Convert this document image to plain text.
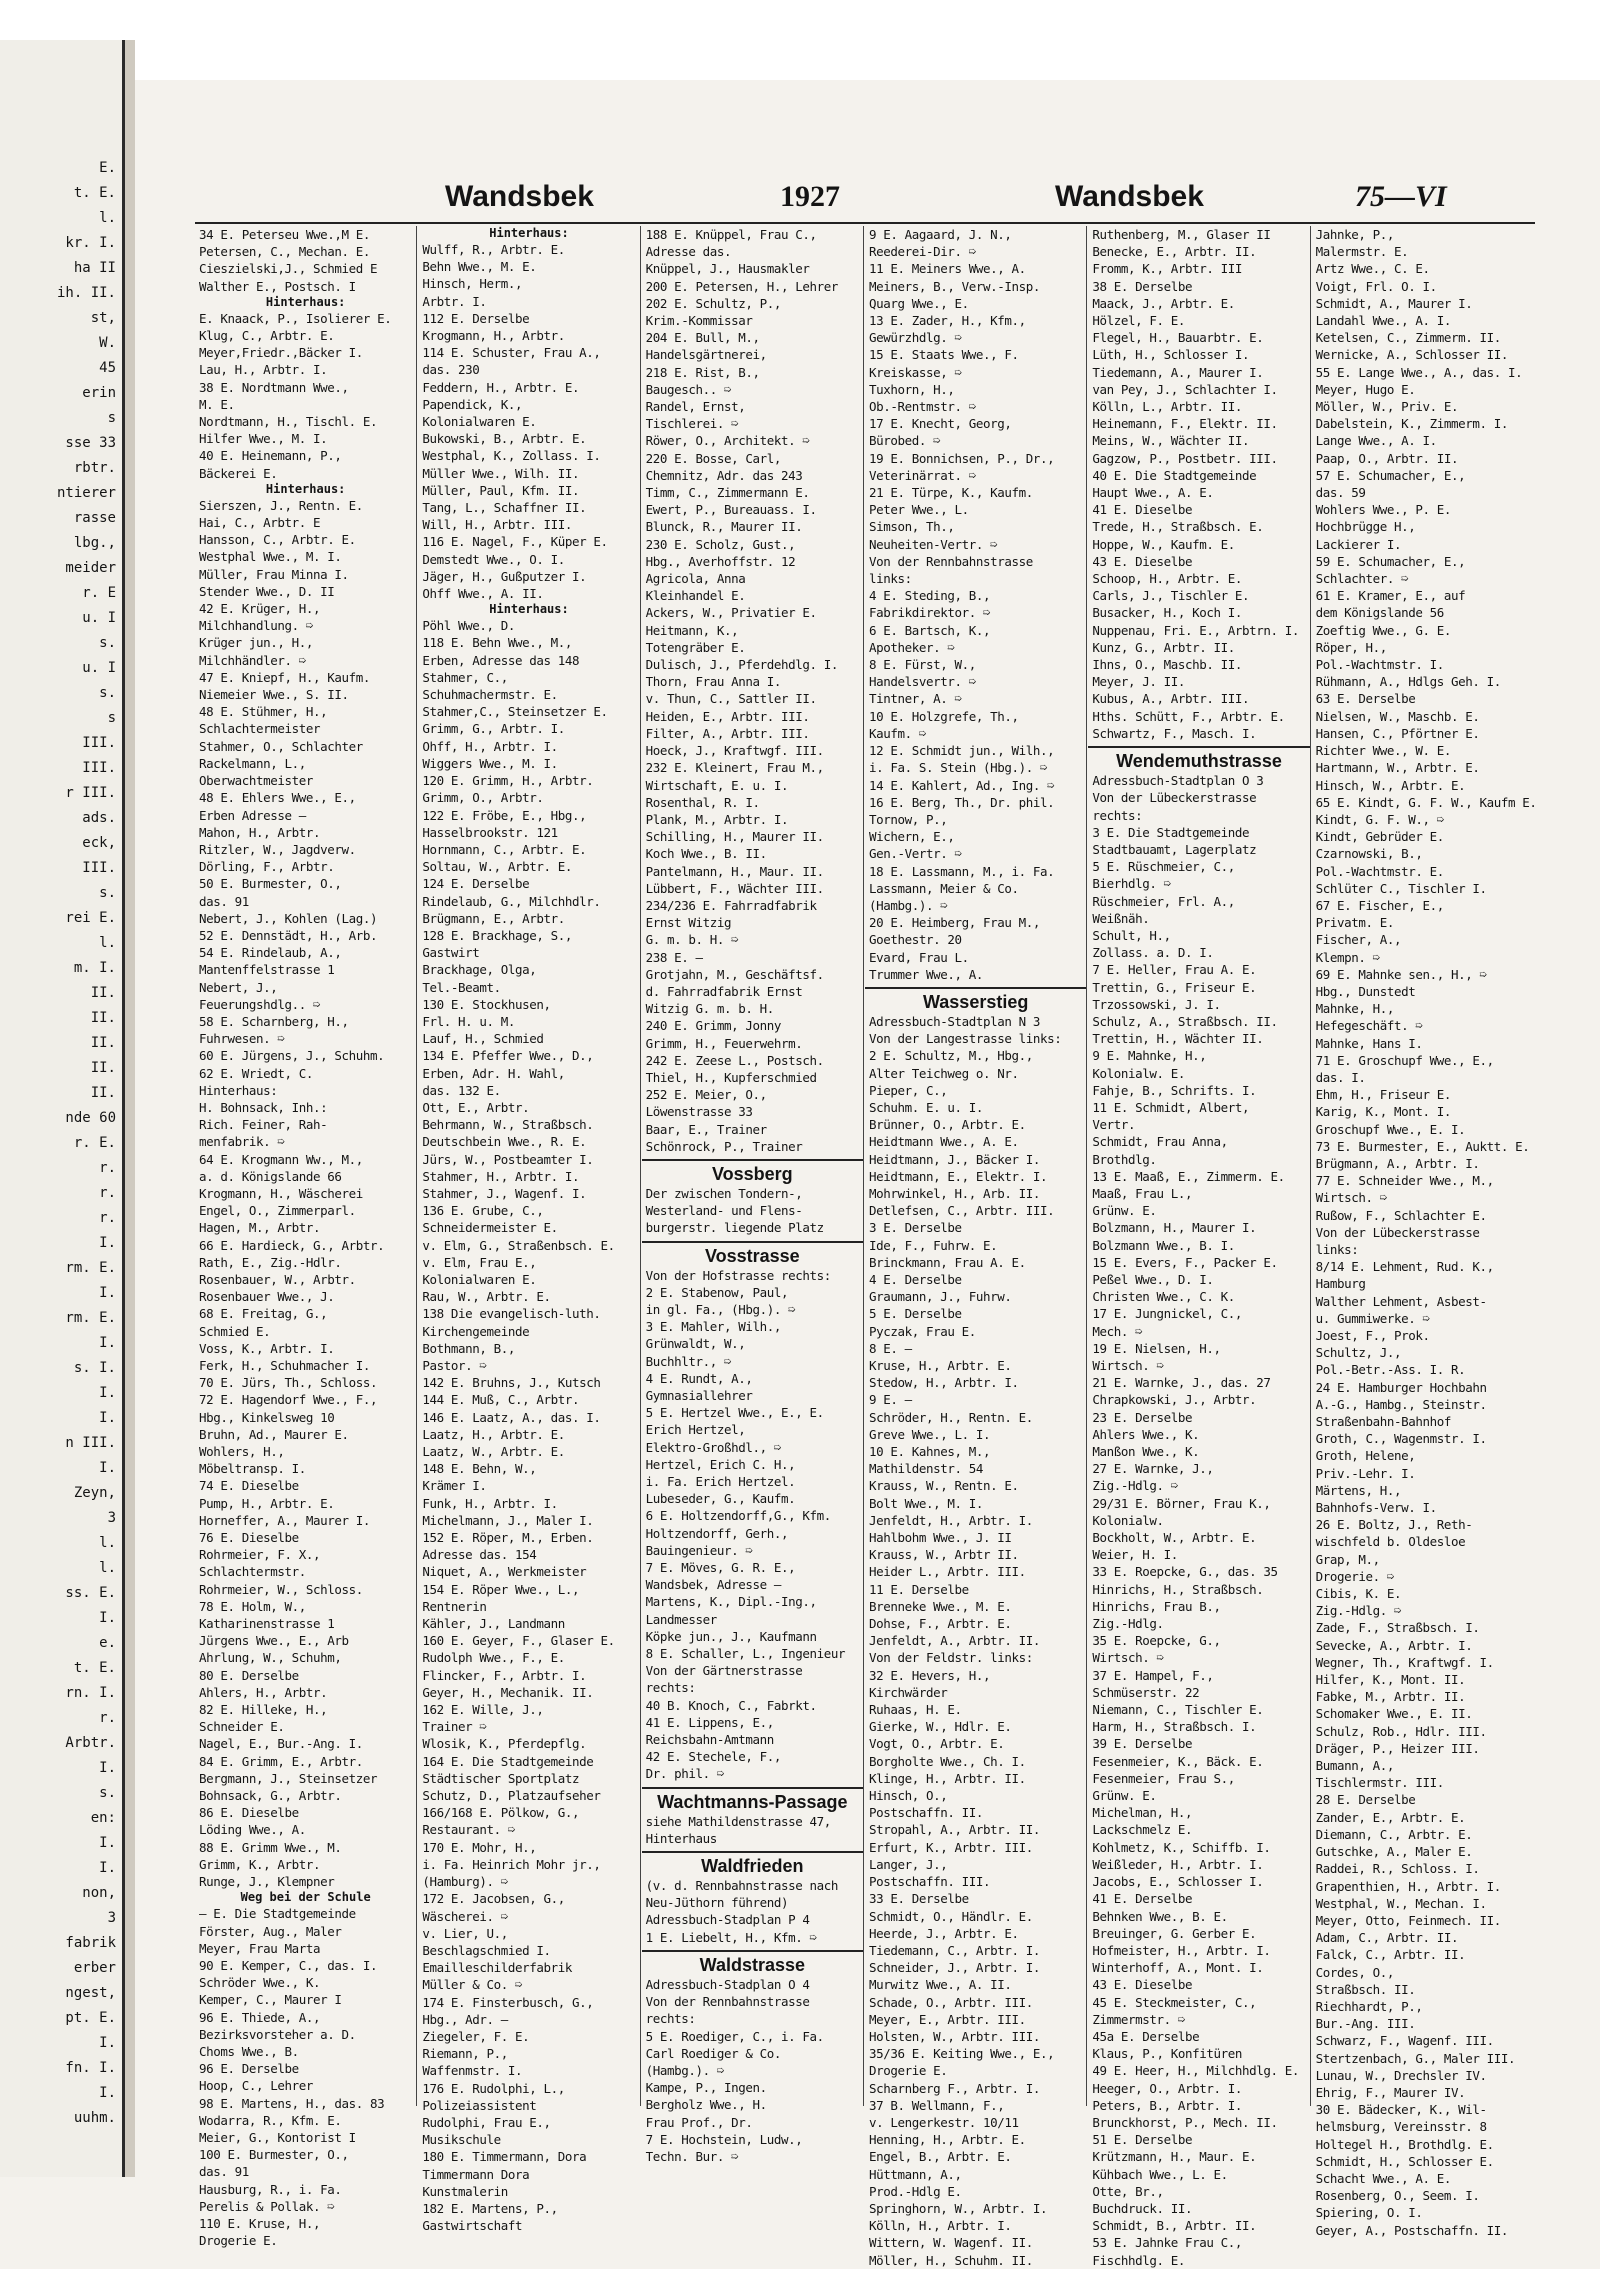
E.
t. E.
l.
kr. I.
ha II
ih. II.
st,
W.
45
erin
s
sse 33
rbtr.
ntierer
rasse
lbg.,
meider
r. E
u. I
s.
u. I
s.
s
III.
III.
r III.
ads.
eck,
III.
s.
rei E.
l.
m. I.
II.
II.
II.
II.
II.
nde 60
r. E.
r.
r.
r.
I.
rm. E.
I.
rm. E.
I.
s. I.
I.
I.
n III.
I.
Zeyn,
3
l.
l.
ss. E.
I.
e.
t. E.
rn. I.
r.
Arbtr.
I.
s.
en:
I.
I.
non,
3
fabrik
erber
ngest,
pt. E.
I.
fn. I.
I.
uuhm.
Wandsbek	1927	Wandsbek	75—VI
34 E. Peterseu Wwe.,M E.
Petersen, C., Mechan. E.
Cieszielski,J., Schmied E
Walther E., Postsch. I
Hinterhaus:
E. Knaack, P., Isolierer E.
Klug, C., Arbtr. E.
Meyer,Friedr.,Bäcker I.
Lau, H., Arbtr. I.
38 E. Nordtmann Wwe.,
M. E.
Nordtmann, H., Tischl. E.
Hilfer Wwe., M. I.
40 E. Heinemann, P.,
Bäckerei E.
Hinterhaus:
Sierszen, J., Rentn. E.
Hai, C., Arbtr. E
Hansson, C., Arbtr. E.
Westphal Wwe., M. I.
Müller, Frau Minna I.
Stender Wwe., D. II
42 E. Krüger, H.,
Milchhandlung. ➯
Krüger jun., H.,
Milchhändler. ➯
47 E. Kniepf, H., Kaufm.
Niemeier Wwe., S. II.
48 E. Stühmer, H.,
Schlachtermeister
Stahmer, O., Schlachter
Rackelmann, L.,
Oberwachtmeister
48 E. Ehlers Wwe., E.,
Erben Adresse —
Mahon, H., Arbtr.
Ritzler, W., Jagdverw.
Dörling, F., Arbtr.
50 E. Burmester, O.,
das. 91
Nebert, J., Kohlen (Lag.)
52 E. Dennstädt, H., Arb.
54 E. Rindelaub, A.,
Mantenffelstrasse 1
Nebert, J.,
Feuerungshdlg.. ➯
58 E. Scharnberg, H.,
Fuhrwesen. ➯
60 E. Jürgens, J., Schuhm.
62 E. Wriedt, C.
Hinterhaus:
H. Bohnsack, Inh.:
Rich. Feiner, Rah-
menfabrik. ➯
64 E. Krogmann Ww., M.,
a. d. Königslande 66
Krogmann, H., Wäscherei
Engel, O., Zimmerparl.
Hagen, M., Arbtr.
66 E. Hardieck, G., Arbtr.
Rath, E., Zig.-Hdlr.
Rosenbauer, W., Arbtr.
Rosenbauer Wwe., J.
68 E. Freitag, G.,
Schmied E.
Voss, K., Arbtr. I.
Ferk, H., Schuhmacher I.
70 E. Jürs, Th., Schloss.
72 E. Hagendorf Wwe., F.,
Hbg., Kinkelsweg 10
Bruhn, Ad., Maurer E.
Wohlers, H.,
Möbeltransp. I.
74 E. Dieselbe
Pump, H., Arbtr. E.
Horneffer, A., Maurer I.
76 E. Dieselbe
Rohrmeier, F. X.,
Schlachtermstr.
Rohrmeier, W., Schloss.
78 E. Holm, W.,
Katharinenstrasse 1
Jürgens Wwe., E., Arb
Ahrlung, W., Schuhm,
80 E. Derselbe
Ahlers, H., Arbtr.
82 E. Hilleke, H.,
Schneider E.
Nagel, E., Bur.-Ang. I.
84 E. Grimm, E., Arbtr.
Bergmann, J., Steinsetzer
Bohnsack, G., Arbtr.
86 E. Dieselbe
Löding Wwe., A.
88 E. Grimm Wwe., M.
Grimm, K., Arbtr.
Runge, J., Klempner
Weg bei der Schule
— E. Die Stadtgemeinde
Förster, Aug., Maler
Meyer, Frau Marta
90 E. Kemper, C., das. I.
Schröder Wwe., K.
Kemper, C., Maurer I
96 E. Thiede, A.,
Bezirksvorsteher a. D.
Choms Wwe., B.
96 E. Derselbe
Hoop, C., Lehrer
98 E. Martens, H., das. 83
Wodarra, R., Kfm. E.
Meier, G., Kontorist I
100 E. Burmester, O.,
das. 91
Hausburg, R., i. Fa.
Perelis & Pollak. ➯
110 E. Kruse, H.,
Drogerie E.
Hinterhaus:
Wulff, R., Arbtr. E.
Behn Wwe., M. E.
Hinsch, Herm.,
Arbtr. I.
112 E. Derselbe
Krogmann, H., Arbtr.
114 E. Schuster, Frau A.,
das. 230
Feddern, H., Arbtr. E.
Papendick, K.,
Kolonialwaren E.
Bukowski, B., Arbtr. E.
Westphal, K., Zollass. I.
Müller Wwe., Wilh. II.
Müller, Paul, Kfm. II.
Tang, L., Schaffner II.
Will, H., Arbtr. III.
116 E. Nagel, F., Küper E.
Demstedt Wwe., O. I.
Jäger, H., Gußputzer I.
Ohff Wwe., A. II.
Hinterhaus:
Pöhl Wwe., D.
118 E. Behn Wwe., M.,
Erben, Adresse das 148
Stahmer, C.,
Schuhmachermstr. E.
Stahmer,C., Steinsetzer E.
Grimm, G., Arbtr. I.
Ohff, H., Arbtr. I.
Wiggers Wwe., M. I.
120 E. Grimm, H., Arbtr.
Grimm, O., Arbtr.
122 E. Fröbe, E., Hbg.,
Hasselbrookstr. 121
Hornmann, C., Arbtr. E.
Soltau, W., Arbtr. E.
124 E. Derselbe
Rindelaub, G., Milchhdlr.
Brügmann, E., Arbtr.
128 E. Brackhage, S.,
Gastwirt
Brackhage, Olga,
Tel.-Beamt.
130 E. Stockhusen,
Frl. H. u. M.
Lauf, H., Schmied
134 E. Pfeffer Wwe., D.,
Erben, Adr. H. Wahl,
das. 132 E.
Ott, E., Arbtr.
Behrmann, W., Straßbsch.
Deutschbein Wwe., R. E.
Jürs, W., Postbeamter I.
Stahmer, H., Arbtr. I.
Stahmer, J., Wagenf. I.
136 E. Grube, C.,
Schneidermeister E.
v. Elm, G., Straßenbsch. E.
v. Elm, Frau E.,
Kolonialwaren E.
Rau, W., Arbtr. E.
138 Die evangelisch-luth.
Kirchengemeinde
Bothmann, B.,
Pastor. ➯
142 E. Bruhns, J., Kutsch
144 E. Muß, C., Arbtr.
146 E. Laatz, A., das. I.
Laatz, H., Arbtr. E.
Laatz, W., Arbtr. E.
148 E. Behn, W.,
Krämer I.
Funk, H., Arbtr. I.
Michelmann, J., Maler I.
152 E. Röper, M., Erben.
Adresse das. 154
Niquet, A., Werkmeister
154 E. Röper Wwe., L.,
Rentnerin
Kähler, J., Landmann
160 E. Geyer, F., Glaser E.
Rudolph Wwe., F., E.
Flincker, F., Arbtr. I.
Geyer, H., Mechanik. II.
162 E. Wille, J.,
Trainer ➯
Wlosik, K., Pferdepflg.
164 E. Die Stadtgemeinde
Städtischer Sportplatz
Schutz, D., Platzaufseher
166/168 E. Pölkow, G.,
Restaurant. ➯
170 E. Mohr, H.,
i. Fa. Heinrich Mohr jr.,
(Hamburg). ➯
172 E. Jacobsen, G.,
Wäscherei. ➯
v. Lier, U.,
Beschlagschmied I.
Emailleschilderfabrik
Müller & Co. ➯
174 E. Finsterbusch, G.,
Hbg., Adr. —
Ziegeler, F. E.
Riemann, P.,
Waffenmstr. I.
176 E. Rudolphi, L.,
Polizeiassistent
Rudolphi, Frau E.,
Musikschule
180 E. Timmermann, Dora
Timmermann Dora
Kunstmalerin
182 E. Martens, P.,
Gastwirtschaft
188 E. Knüppel, Frau C.,
Adresse das.
Knüppel, J., Hausmakler
200 E. Petersen, H., Lehrer
202 E. Schultz, P.,
Krim.-Kommissar
204 E. Bull, M.,
Handelsgärtnerei,
218 E. Rist, B.,
Baugesch.. ➯
Randel, Ernst,
Tischlerei. ➯
Röwer, O., Architekt. ➯
220 E. Bosse, Carl,
Chemnitz, Adr. das 243
Timm, C., Zimmermann E.
Ewert, P., Bureauass. I.
Blunck, R., Maurer II.
230 E. Scholz, Gust.,
Hbg., Averhoffstr. 12
Agricola, Anna
Kleinhandel E.
Ackers, W., Privatier E.
Heitmann, K.,
Totengräber E.
Dulisch, J., Pferdehdlg. I.
Thorn, Frau Anna I.
v. Thun, C., Sattler II.
Heiden, E., Arbtr. III.
Filter, A., Arbtr. III.
Hoeck, J., Kraftwgf. III.
232 E. Kleinert, Frau M.,
Wirtschaft, E. u. I.
Rosenthal, R. I.
Plank, M., Arbtr. I.
Schilling, H., Maurer II.
Koch Wwe., B. II.
Pantelmann, H., Maur. II.
Lübbert, F., Wächter III.
234/236 E. Fahrradfabrik
Ernst Witzig
G. m. b. H. ➯
238 E. —
Grotjahn, M., Geschäftsf.
d. Fahrradfabrik Ernst
Witzig G. m. b. H.
240 E. Grimm, Jonny
Grimm, H., Feuerwehrm.
242 E. Zeese L., Postsch.
Thiel, H., Kupferschmied
252 E. Meier, O.,
Löwenstrasse 33
Baar, E., Trainer
Schönrock, P., Trainer
Vossberg
Der zwischen Tondern-,
Westerland- und Flens-
burgerstr. liegende Platz
Vosstrasse
Von der Hofstrasse rechts:
2 E. Stabenow, Paul,
in gl. Fa., (Hbg.). ➯
3 E. Mahler, Wilh.,
Grünwaldt, W.,
Buchhltr., ➯
4 E. Rundt, A.,
Gymnasiallehrer
5 E. Hertzel Wwe., E., E.
Erich Hertzel,
Elektro-Großhdl., ➯
Hertzel, Erich C. H.,
i. Fa. Erich Hertzel.
Lubeseder, G., Kaufm.
6 E. Holtzendorff,G., Kfm.
Holtzendorff, Gerh.,
Bauingenieur. ➯
7 E. Möves, G. R. E.,
Wandsbek, Adresse —
Martens, K., Dipl.-Ing.,
Landmesser
Köpke jun., J., Kaufmann
8 E. Schaller, L., Ingenieur
Von der Gärtnerstrasse
rechts:
40 B. Knoch, C., Fabrkt.
41 E. Lippens, E.,
Reichsbahn-Amtmann
42 E. Stechele, F.,
Dr. phil. ➯
Wachtmanns-Passage
siehe Mathildenstrasse 47,
Hinterhaus
Waldfrieden
(v. d. Rennbahnstrasse nach
Neu-Jüthorn führend)
Adressbuch-Stadplan P 4
1 E. Liebelt, H., Kfm. ➯
Waldstrasse
Adressbuch-Stadplan O 4
Von der Rennbahnstrasse
rechts:
5 E. Roediger, C., i. Fa.
Carl Roediger & Co.
(Hambg.). ➯
Kampe, P., Ingen.
Bergholz Wwe., H.
Frau Prof., Dr.
7 E. Hochstein, Ludw.,
Techn. Bur. ➯
9 E. Aagaard, J. N.,
Reederei-Dir. ➯
11 E. Meiners Wwe., A.
Meiners, B., Verw.-Insp.
Quarg Wwe., E.
13 E. Zader, H., Kfm.,
Gewürzhdlg. ➯
15 E. Staats Wwe., F.
Kreiskasse, ➯
Tuxhorn, H.,
Ob.-Rentmstr. ➯
17 E. Knecht, Georg,
Bürobed. ➯
19 E. Bonnichsen, P., Dr.,
Veterinärrat. ➯
21 E. Türpe, K., Kaufm.
Peter Wwe., L.
Simson, Th.,
Neuheiten-Vertr. ➯
Von der Rennbahnstrasse
links:
4 E. Steding, B.,
Fabrikdirektor. ➯
6 E. Bartsch, K.,
Apotheker. ➯
8 E. Fürst, W.,
Handelsvertr. ➯
Tintner, A. ➯
10 E. Holzgrefe, Th.,
Kaufm. ➯
12 E. Schmidt jun., Wilh.,
i. Fa. S. Stein (Hbg.). ➯
14 E. Kahlert, Ad., Ing. ➯
16 E. Berg, Th., Dr. phil.
Tornow, P.,
Wichern, E.,
Gen.-Vertr. ➯
18 E. Lassmann, M., i. Fa.
Lassmann, Meier & Co.
(Hambg.). ➯
20 E. Heimberg, Frau M.,
Goethestr. 20
Evard, Frau L.
Trummer Wwe., A.
Wasserstieg
Adressbuch-Stadtplan N 3
Von der Langestrasse links:
2 E. Schultz, M., Hbg.,
Alter Teichweg o. Nr.
Pieper, C.,
Schuhm. E. u. I.
Brünner, O., Arbtr. E.
Heidtmann Wwe., A. E.
Heidtmann, J., Bäcker I.
Heidtmann, E., Elektr. I.
Mohrwinkel, H., Arb. II.
Detlefsen, C., Arbtr. III.
3 E. Derselbe
Ide, F., Fuhrw. E.
Brinckmann, Frau A. E.
4 E. Derselbe
Graumann, J., Fuhrw.
5 E. Derselbe
Pyczak, Frau E.
8 E. —
Kruse, H., Arbtr. E.
Stedow, H., Arbtr. I.
9 E. —
Schröder, H., Rentn. E.
Greve Wwe., L. I.
10 E. Kahnes, M.,
Mathildenstr. 54
Krauss, W., Rentn. E.
Bolt Wwe., M. I.
Jenfeldt, H., Arbtr. I.
Hahlbohm Wwe., J. II
Krauss, W., Arbtr II.
Heider L., Arbtr. III.
11 E. Derselbe
Brenneke Wwe., M. E.
Dohse, F., Arbtr. E.
Jenfeldt, A., Arbtr. II.
Von der Feldstr. links:
32 E. Hevers, H.,
Kirchwärder
Ruhaas, H. E.
Gierke, W., Hdlr. E.
Vogt, O., Arbtr. E.
Borgholte Wwe., Ch. I.
Klinge, H., Arbtr. II.
Hinsch, O.,
Postschaffn. II.
Stropahl, A., Arbtr. II.
Erfurt, K., Arbtr. III.
Langer, J.,
Postschaffn. III.
33 E. Derselbe
Schmidt, O., Händlr. E.
Heerde, J., Arbtr. E.
Tiedemann, C., Arbtr. I.
Schneider, J., Arbtr. I.
Murwitz Wwe., A. II.
Schade, O., Arbtr. III.
Meyer, E., Arbtr. III.
Holsten, W., Arbtr. III.
35/36 E. Keiting Wwe., E.,
Drogerie E.
Scharnberg F., Arbtr. I.
37 B. Wellmann, F.,
v. Lengerkestr. 10/11
Henning, H., Arbtr. E.
Engel, B., Arbtr. E.
Hüttmann, A.,
Prod.-Hdlg E.
Springhorn, W., Arbtr. I.
Kölln, H., Arbtr. I.
Wittern, W. Wagenf. II.
Möller, H., Schuhm. II.
Ruthenberg, M., Glaser II
Benecke, E., Arbtr. II.
Fromm, K., Arbtr. III
38 E. Derselbe
Maack, J., Arbtr. E.
Hölzel, F. E.
Flegel, H., Bauarbtr. E.
Lüth, H., Schlosser I.
Tiedemann, A., Maurer I.
van Pey, J., Schlachter I.
Kölln, L., Arbtr. II.
Heinemann, F., Elektr. II.
Meins, W., Wächter II.
Gagzow, P., Postbetr. III.
40 E. Die Stadtgemeinde
Haupt Wwe., A. E.
41 E. Dieselbe
Trede, H., Straßbsch. E.
Hoppe, W., Kaufm. E.
43 E. Dieselbe
Schoop, H., Arbtr. E.
Carls, J., Tischler E.
Busacker, H., Koch I.
Nuppenau, Fri. E., Arbtrn. I.
Kunz, G., Arbtr. II.
Ihns, O., Maschb. II.
Meyer, J. II.
Kubus, A., Arbtr. III.
Hths. Schütt, F., Arbtr. E.
Schwartz, F., Masch. I.
Wendemuthstrasse
Adressbuch-Stadtplan O 3
Von der Lübeckerstrasse
rechts:
3 E. Die Stadtgemeinde
Stadtbauamt, Lagerplatz
5 E. Rüschmeier, C.,
Bierhdlg. ➯
Rüschmeier, Frl. A.,
Weißnäh.
Schult, H.,
Zollass. a. D. I.
7 E. Heller, Frau A. E.
Trettin, G., Friseur E.
Trzossowski, J. I.
Schulz, A., Straßbsch. II.
Trettin, H., Wächter II.
9 E. Mahnke, H.,
Kolonialw. E.
Fahje, B., Schrifts. I.
11 E. Schmidt, Albert,
Vertr.
Schmidt, Frau Anna,
Brothdlg.
13 E. Maaß, E., Zimmerm. E.
Maaß, Frau L.,
Grünw. E.
Bolzmann, H., Maurer I.
Bolzmann Wwe., B. I.
15 E. Evers, F., Packer E.
Peßel Wwe., D. I.
Christen Wwe., C. K.
17 E. Jungnickel, C.,
Mech. ➯
19 E. Nielsen, H.,
Wirtsch. ➯
21 E. Warnke, J., das. 27
Chrapkowski, J., Arbtr.
23 E. Derselbe
Ahlers Wwe., K.
Manßon Wwe., K.
27 E. Warnke, J.,
Zig.-Hdlg. ➯
29/31 E. Börner, Frau K.,
Kolonialw.
Bockholt, W., Arbtr. E.
Weier, H. I.
33 E. Roepcke, G., das. 35
Hinrichs, H., Straßbsch.
Hinrichs, Frau B.,
Zig.-Hdlg.
35 E. Roepcke, G.,
Wirtsch. ➯
37 E. Hampel, F.,
Schmüserstr. 22
Niemann, C., Tischler E.
Harm, H., Straßbsch. I.
39 E. Derselbe
Fesenmeier, K., Bäck. E.
Fesenmeier, Frau S.,
Grünw. E.
Michelman, H.,
Lackschmelz E.
Kohlmetz, K., Schiffb. I.
Weißleder, H., Arbtr. I.
Jacobs, E., Schlosser I.
41 E. Derselbe
Behnken Wwe., B. E.
Breuinger, G. Gerber E.
Hofmeister, H., Arbtr. I.
Winterhoff, A., Mont. I.
43 E. Dieselbe
45 E. Steckmeister, C.,
Zimmermstr. ➯
45a E. Derselbe
Klaus, P., Konfitüren
49 E. Heer, H., Milchhdlg. E.
Heeger, O., Arbtr. I.
Peters, B., Arbtr. I.
Brunckhorst, P., Mech. II.
51 E. Derselbe
Krützmann, H., Maur. E.
Kühbach Wwe., L. E.
Otte, Br.,
Buchdruck. II.
Schmidt, B., Arbtr. II.
53 E. Jahnke Frau C.,
Fischhdlg. E.
Jahnke, P.,
Malermstr. E.
Artz Wwe., C. E.
Voigt, Frl. O. I.
Schmidt, A., Maurer I.
Landahl Wwe., A. I.
Ketelsen, C., Zimmerm. II.
Wernicke, A., Schlosser II.
55 E. Lange Wwe., A., das. I.
Meyer, Hugo E.
Möller, W., Priv. E.
Dabelstein, K., Zimmerm. I.
Lange Wwe., A. I.
Paap, O., Arbtr. II.
57 E. Schumacher, E.,
das. 59
Wohlers Wwe., P. E.
Hochbrügge H.,
Lackierer I.
59 E. Schumacher, E.,
Schlachter. ➯
61 E. Kramer, E., auf
dem Königslande 56
Zoeftig Wwe., G. E.
Röper, H.,
Pol.-Wachtmstr. I.
Rühmann, A., Hdlgs Geh. I.
63 E. Derselbe
Nielsen, W., Maschb. E.
Hansen, C., Pförtner E.
Richter Wwe., W. E.
Hartmann, W., Arbtr. E.
Hinsch, W., Arbtr. E.
65 E. Kindt, G. F. W., Kaufm E.
Kindt, G. F. W., ➯
Kindt, Gebrüder E.
Czarnowski, B.,
Pol.-Wachtmstr. E.
Schlüter C., Tischler I.
67 E. Fischer, E.,
Privatm. E.
Fischer, A.,
Klempn. ➯
69 E. Mahnke sen., H., ➯
Hbg., Dunstedt
Mahnke, H.,
Hefegeschäft. ➯
Mahnke, Hans I.
71 E. Groschupf Wwe., E.,
das. I.
Ehm, H., Friseur E.
Karig, K., Mont. I.
Groschupf Wwe., E. I.
73 E. Burmester, E., Auktt. E.
Brügmann, A., Arbtr. I.
77 E. Schneider Wwe., M.,
Wirtsch. ➯
Rußow, F., Schlachter E.
Von der Lübeckerstrasse
links:
8/14 E. Lehment, Rud. K.,
Hamburg
Walther Lehment, Asbest-
u. Gummiwerke. ➯
Joest, F., Prok.
Schultz, J.,
Pol.-Betr.-Ass. I. R.
24 E. Hamburger Hochbahn
A.-G., Hambg., Steinstr.
Straßenbahn-Bahnhof
Groth, C., Wagenmstr. I.
Groth, Helene,
Priv.-Lehr. I.
Märtens, H.,
Bahnhofs-Verw. I.
26 E. Boltz, J., Reth-
wischfeld b. Oldesloe
Grap, M.,
Drogerie. ➯
Cibis, K. E.
Zig.-Hdlg. ➯
Zade, F., Straßbsch. I.
Sevecke, A., Arbtr. I.
Wegner, Th., Kraftwgf. I.
Hilfer, K., Mont. II.
Fabke, M., Arbtr. II.
Schomaker Wwe., E. II.
Schulz, Rob., Hdlr. III.
Dräger, P., Heizer III.
Bumann, A.,
Tischlermstr. III.
28 E. Derselbe
Zander, E., Arbtr. E.
Diemann, C., Arbtr. E.
Gutschke, A., Maler E.
Raddei, R., Schloss. I.
Grapenthien, H., Arbtr. I.
Westphal, W., Mechan. I.
Meyer, Otto, Feinmech. II.
Adam, C., Arbtr. II.
Falck, C., Arbtr. II.
Cordes, O.,
Straßbsch. II.
Riechhardt, P.,
Bur.-Ang. III.
Schwarz, F., Wagenf. III.
Stertzenbach, G., Maler III.
Lunau, W., Drechsler IV.
Ehrig, F., Maurer IV.
30 E. Bädecker, K., Wil-
helmsburg, Vereinsstr. 8
Holtegel H., Brothdlg. E.
Schmidt, H., Schlosser E.
Schacht Wwe., A. E.
Rosenberg, O., Seem. I.
Spiering, O. I.
Geyer, A., Postschaffn. II.
